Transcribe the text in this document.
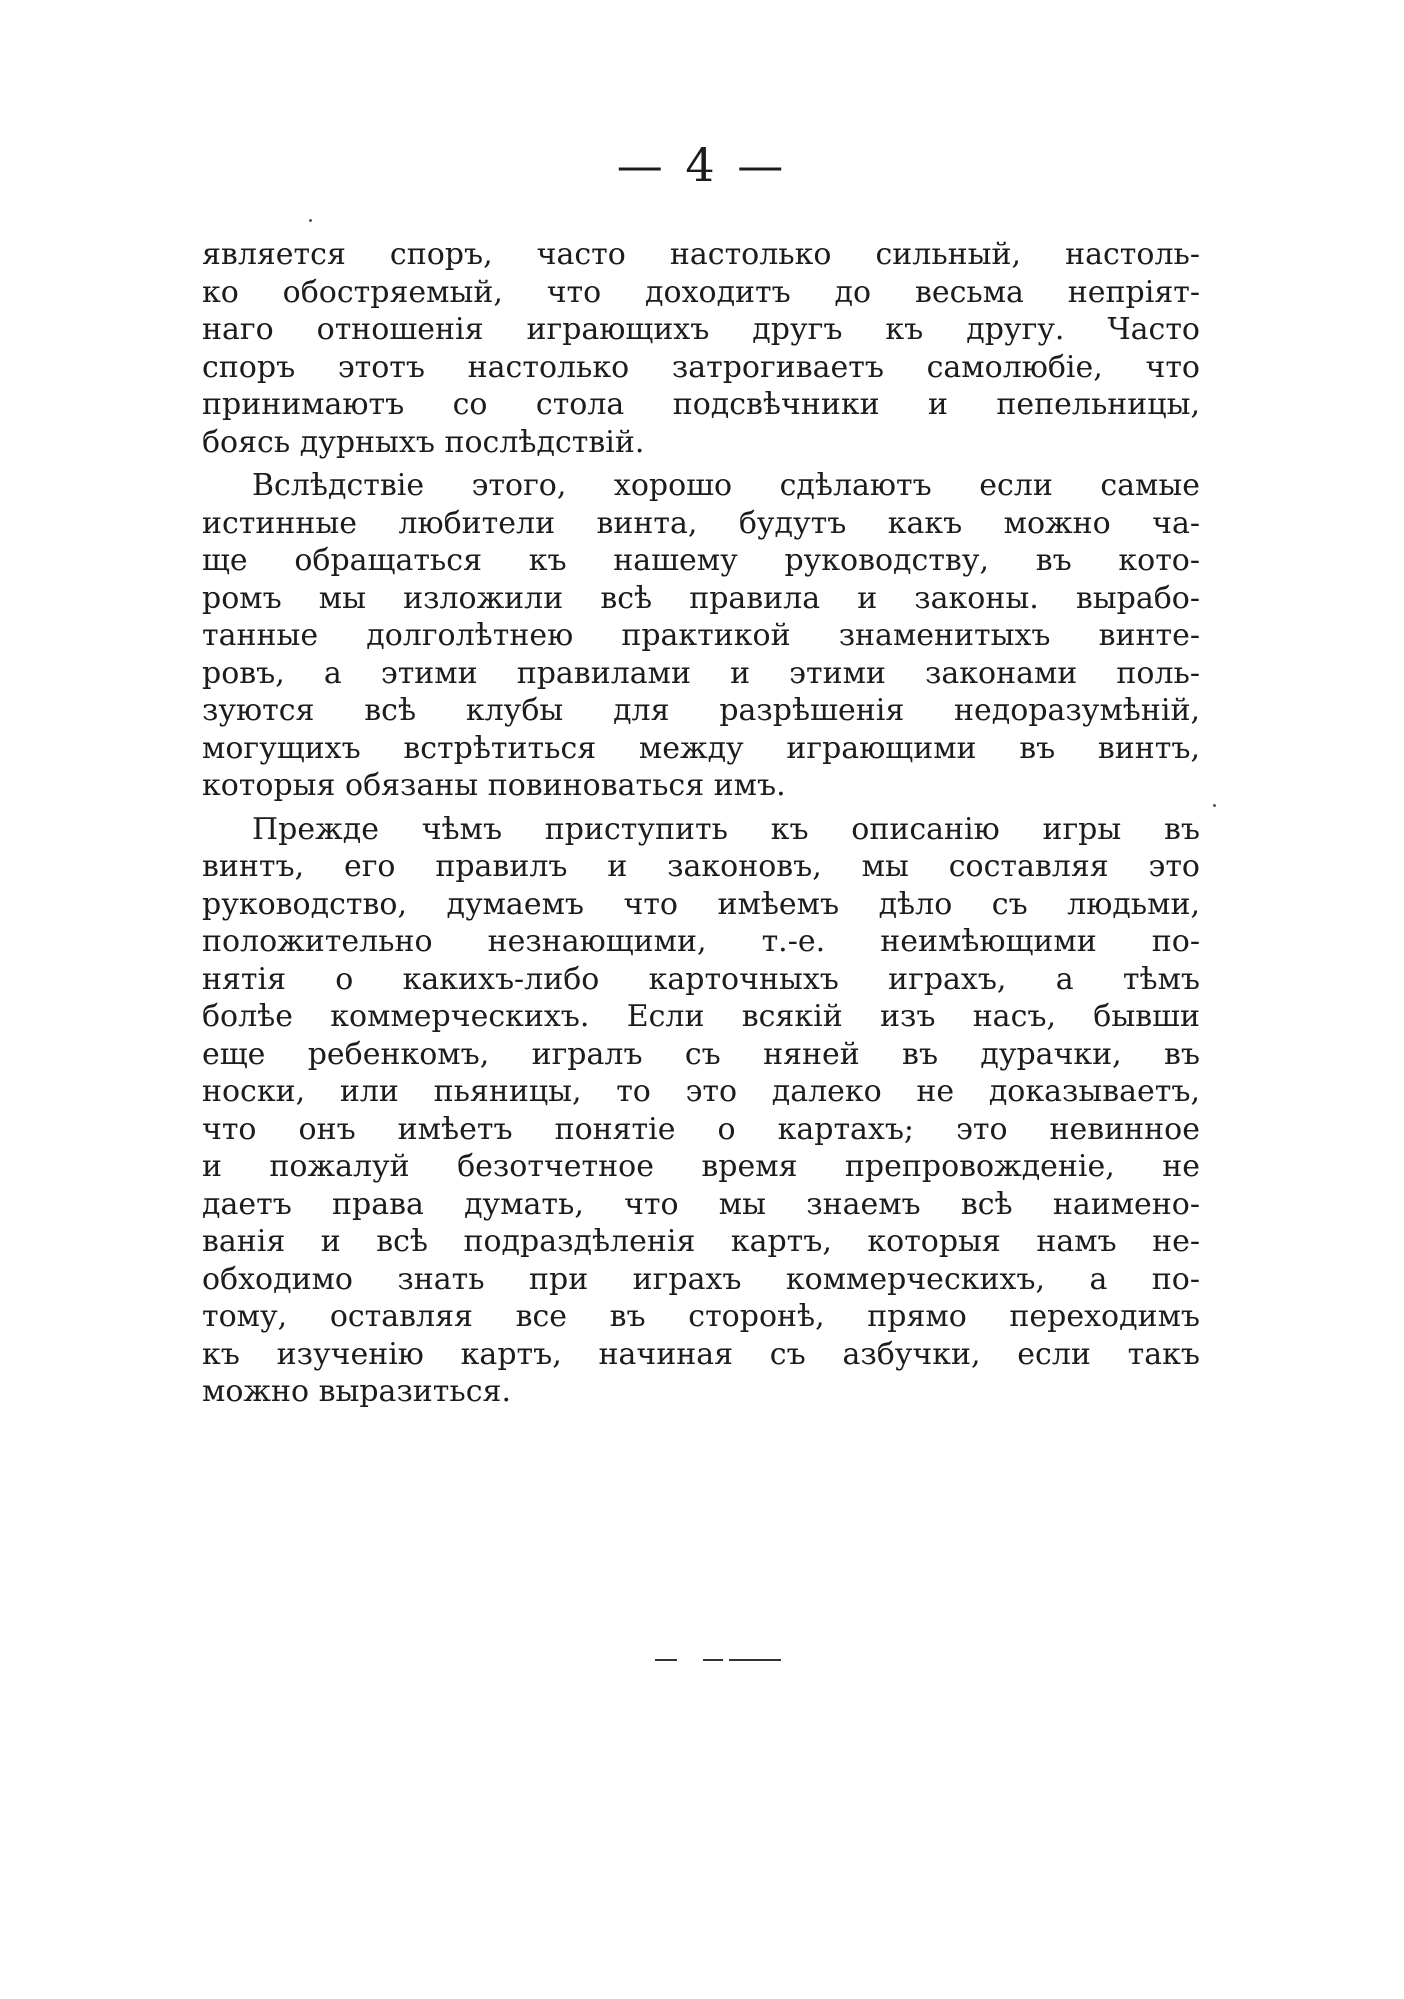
— 4 —
является споръ, часто настолько сильный, настоль-
ко обостряемый, что доходитъ до весьма непріят-
наго отношенія играющихъ другъ къ другу. Часто
споръ этотъ настолько затрогиваетъ самолюбіе, что
принимаютъ со стола подсвѣчники и пепельницы,
боясь дурныхъ послѣдствій.
Вслѣдствіе этого, хорошо сдѣлаютъ если самые
истинные любители винта, будутъ какъ можно ча-
ще обращаться къ нашему руководству, въ кото-
ромъ мы изложили всѣ правила и законы. вырабо-
танные долголѣтнею практикой знаменитыхъ винте-
ровъ, а этими правилами и этими законами поль-
зуются всѣ клубы для разрѣшенія недоразумѣній,
могущихъ встрѣтиться между играющими въ винтъ,
которыя обязаны повиноваться имъ.
Прежде чѣмъ приступить къ описанію игры въ
винтъ, его правилъ и законовъ, мы составляя это
руководство, думаемъ что имѣемъ дѣло съ людьми,
положительно незнающими, т.-е. неимѣющими по-
нятія о какихъ-либо карточныхъ играхъ, а тѣмъ
болѣе коммерческихъ. Если всякій изъ насъ, бывши
еще ребенкомъ, игралъ съ няней въ дурачки, въ
носки, или пьяницы, то это далеко не доказываетъ,
что онъ имѣетъ понятіе о картахъ; это невинное
и пожалуй безотчетное время препровожденіе, не
даетъ права думать, что мы знаемъ всѣ наименo-
ванія и всѣ подраздѣленія картъ, которыя намъ не-
обходимо знать при играхъ коммерческихъ, а по-
тому, оставляя все въ сторонѣ, прямо переходимъ
къ изученію картъ, начиная съ азбучки, если такъ
можно выразиться.
